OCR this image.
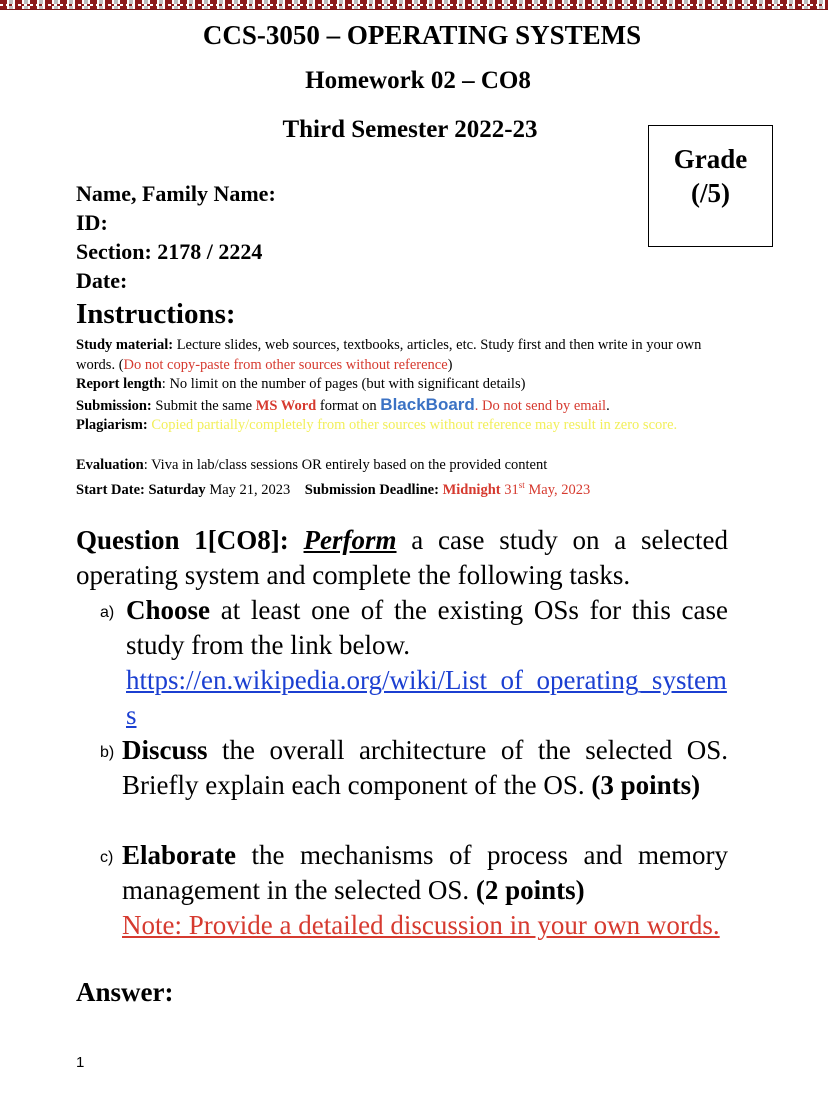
CCS-3050 – OPERATING SYSTEMS
Homework 02 – CO8
Third Semester 2022-23
Grade
(/5)
Name, Family Name:
ID:
Section: 2178 / 2224
Date:
Instructions:
Study material: Lecture slides, web sources, textbooks, articles, etc. Study first and then write in your own words. (Do not copy-paste from other sources without reference)
Report length: No limit on the number of pages (but with significant details)
Submission: Submit the same MS Word format on BlackBoard. Do not send by email.
Plagiarism: Copied partially/completely from other sources without reference may result in zero score.
Evaluation: Viva in lab/class sessions OR entirely based on the provided content
Start Date: Saturday May 21, 2023 Submission Deadline: Midnight 31st May, 2023
Question 1[CO8]: Perform a case study on a selected operating system and complete the following tasks.
a) Choose at least one of the existing OSs for this case study from the link below.
https://en.wikipedia.org/wiki/List_of_operating_systems
b) Discuss the overall architecture of the selected OS. Briefly explain each component of the OS. (3 points)
c) Elaborate the mechanisms of process and memory management in the selected OS. (2 points)
Note: Provide a detailed discussion in your own words.
Answer:
1
